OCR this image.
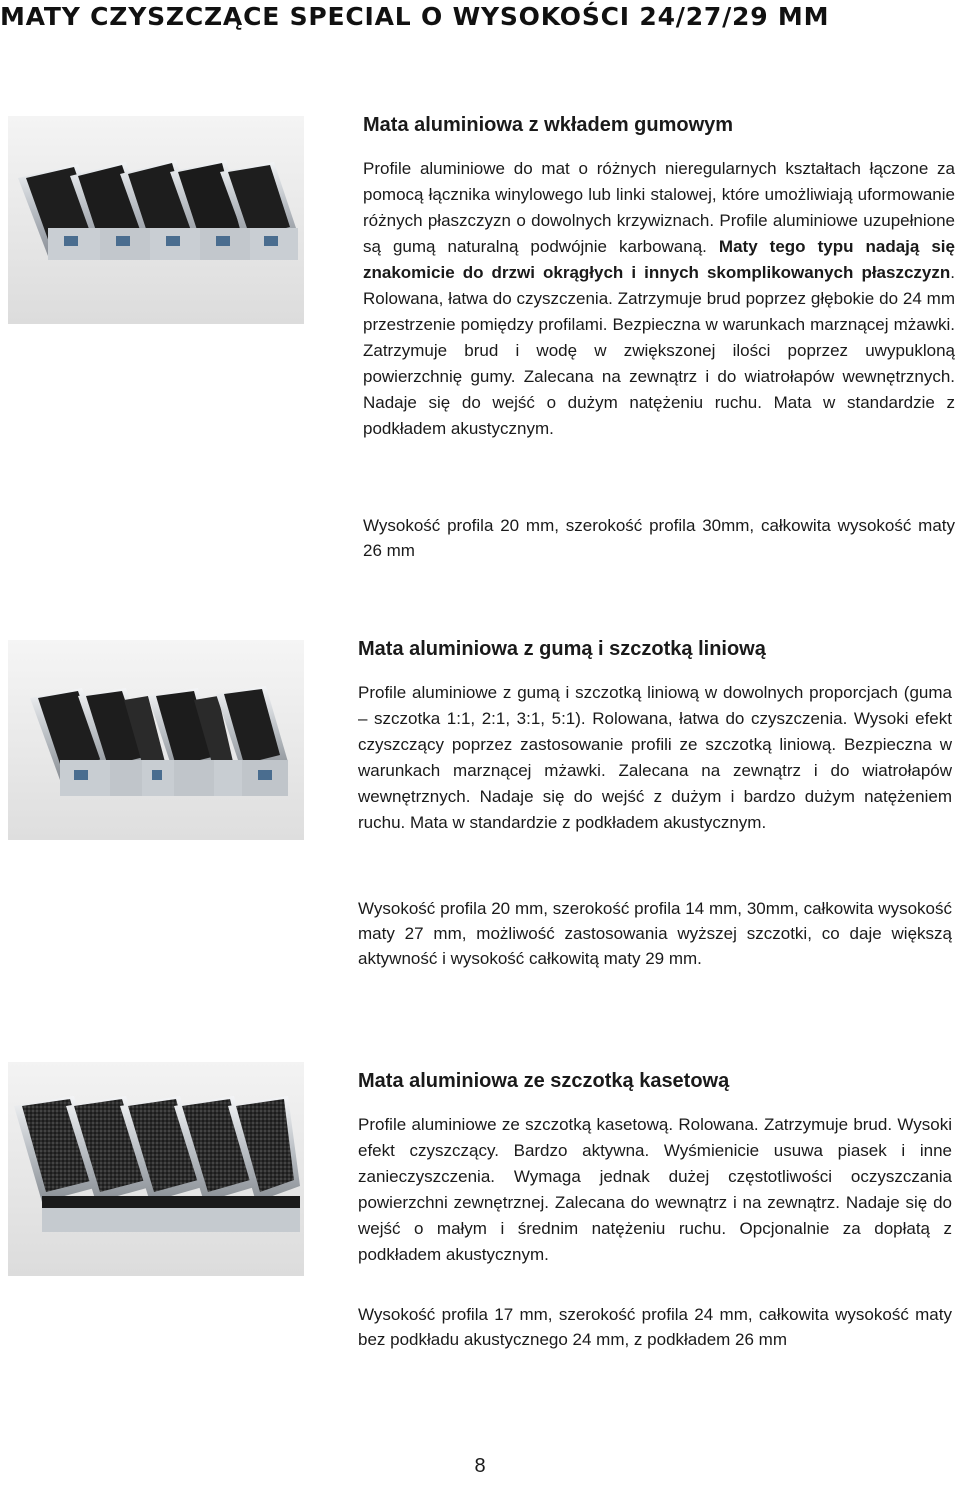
MATY CZYSZCZĄCE SPECIAL O WYSOKOŚCI 24/27/29 MM

Mata aluminiowa z wkładem gumowym

Profile aluminiowe do mat o różnych nieregularnych kształtach łączone za pomocą łącznika winylowego lub linki stalowej, które umożliwiają uformowanie różnych płaszczyzn o dowolnych krzywiznach. Profile aluminiowe uzupełnione są gumą naturalną podwójnie karbowaną. Maty tego typu nadają się znakomicie do drzwi okrągłych i innych skomplikowanych płaszczyzn. Rolowana, łatwa do czyszczenia. Zatrzymuje brud poprzez głębokie do 24 mm przestrzenie pomiędzy profilami. Bezpieczna w warunkach marznącej mżawki. Zatrzymuje brud i wodę w zwiększonej ilości poprzez uwypukloną powierzchnię gumy. Zalecana na zewnątrz i do wiatrołapów wewnętrznych. Nadaje się do wejść o dużym natężeniu ruchu. Mata w standardzie z podkładem akustycznym.

Wysokość profila 20 mm, szerokość profila 30mm, całkowita wysokość maty 26 mm

Mata aluminiowa z gumą i szczotką liniową

Profile aluminiowe z gumą i szczotką liniową w dowolnych proporcjach (guma – szczotka 1:1, 2:1, 3:1, 5:1). Rolowana, łatwa do czyszczenia. Wysoki efekt czyszczący poprzez zastosowanie profili ze szczotką liniową. Bezpieczna w warunkach marznącej mżawki. Zalecana na zewnątrz i do wiatrołapów wewnętrznych. Nadaje się do wejść z dużym i bardzo dużym natężeniem ruchu. Mata w standardzie z podkładem akustycznym.

Wysokość profila 20 mm, szerokość profila 14 mm, 30mm, całkowita wysokość maty 27 mm, możliwość zastosowania wyższej szczotki, co daje większą aktywność i wysokość całkowitą maty 29 mm.

Mata aluminiowa ze szczotką kasetową

Profile aluminiowe ze szczotką kasetową. Rolowana. Zatrzymuje brud. Wysoki efekt czyszczący. Bardzo aktywna. Wyśmienicie usuwa piasek i inne zanieczyszczenia. Wymaga jednak dużej częstotliwości oczyszczania powierzchni zewnętrznej. Zalecana do wewnątrz i na zewnątrz. Nadaje się do wejść o małym i średnim natężeniu ruchu. Opcjonalnie za dopłatą z podkładem akustycznym.

Wysokość profila 17 mm, szerokość profila 24 mm, całkowita wysokość maty bez podkładu akustycznego 24 mm, z podkładem 26 mm
8
